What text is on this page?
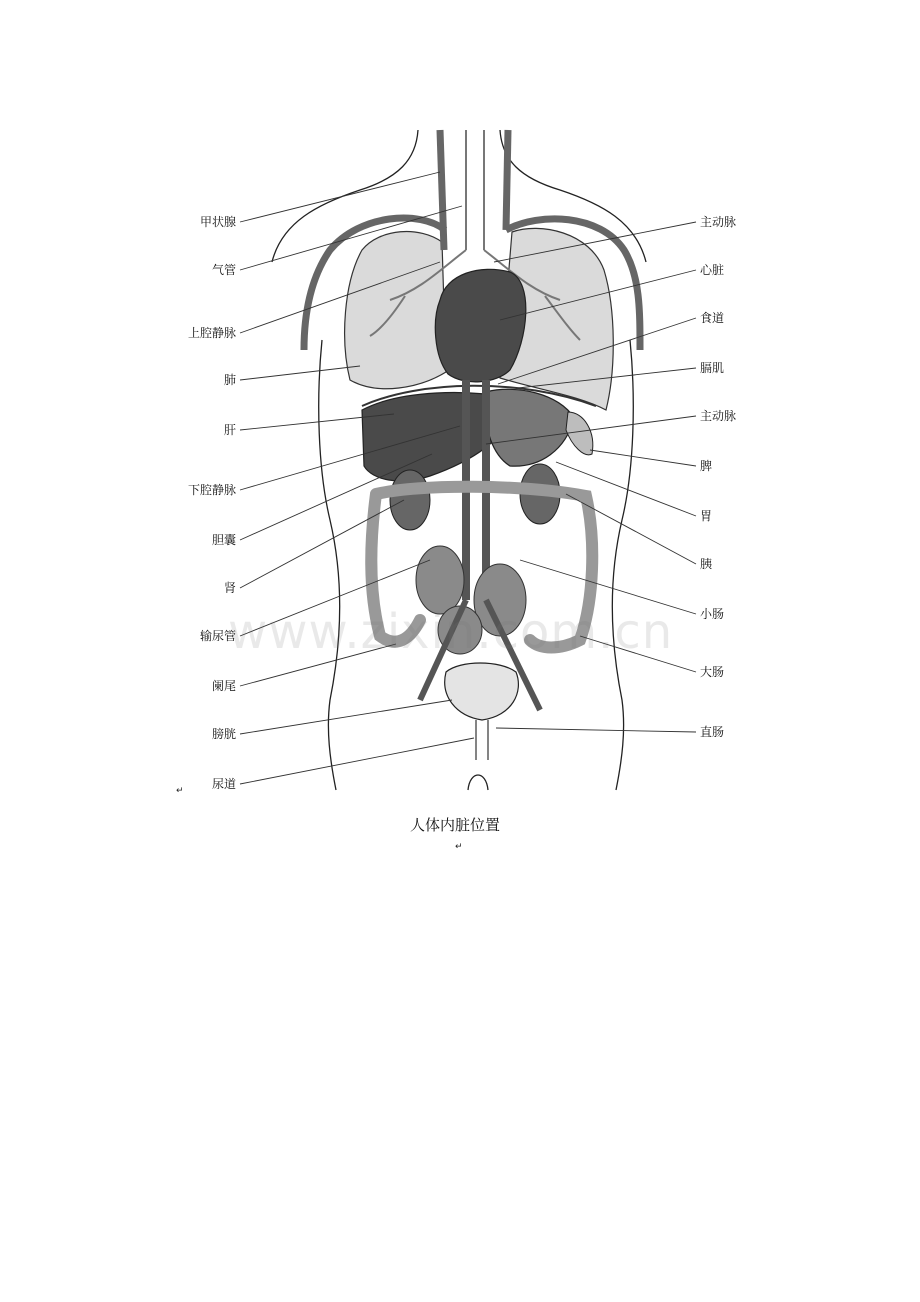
甲状腺
气管
上腔静脉
肺
肝
下腔静脉
胆囊
肾
输尿管
阑尾
膀胱
尿道
主动脉
心脏
食道
膈肌
主动脉
脾
胃
胰
小肠
大肠
直肠
www.zixin.com.cn
↵
人体内脏位置
↵
